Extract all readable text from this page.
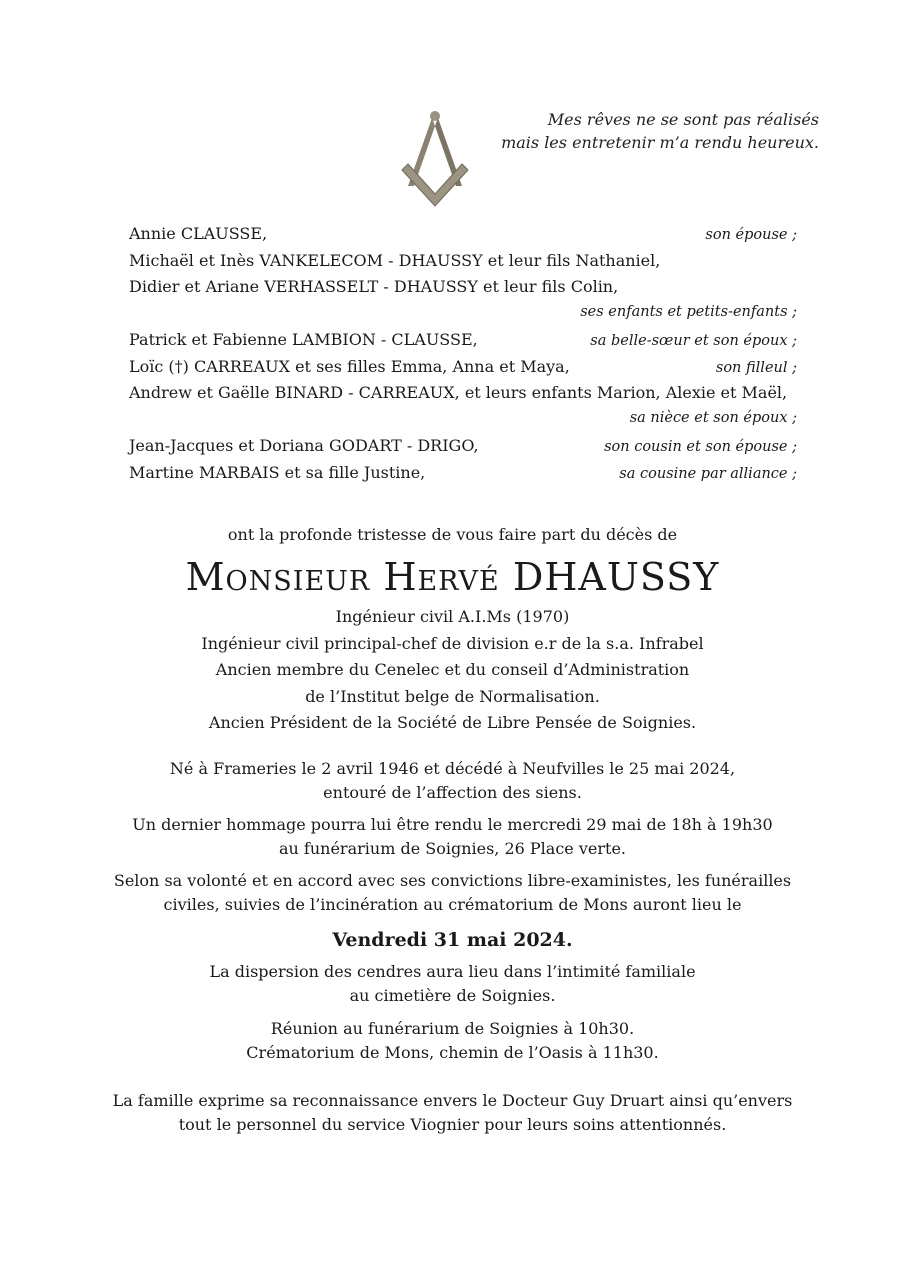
Mes rêves ne se sont pas réalisés
mais les entretenir m’a rendu heureux.
Annie CLAUSSE,	son épouse ;
Michaël et Inès VANKELECOM - DHAUSSY et leur fils Nathaniel,
Didier et Ariane VERHASSELT - DHAUSSY et leur fils Colin,
ses enfants et petits-enfants ;
Patrick et Fabienne LAMBION - CLAUSSE,	sa belle-sœur et son époux ;
Loïc (†) CARREAUX et ses filles Emma, Anna et Maya,	son filleul ;
Andrew et Gaëlle BINARD - CARREAUX, et leurs enfants Marion, Alexie et Maël,
sa nièce et son époux ;
Jean-Jacques et Doriana GODART - DRIGO,	son cousin et son épouse ;
Martine MARBAIS et sa fille Justine,	sa cousine par alliance ;
ont la profonde tristesse de vous faire part du décès de
Monsieur Hervé DHAUSSY
Ingénieur civil A.I.Ms (1970)
Ingénieur civil principal-chef de division e.r de la s.a. Infrabel
Ancien membre du Cenelec et du conseil d’Administration
de l’Institut belge de Normalisation.
Ancien Président de la Société de Libre Pensée de Soignies.
Né à Frameries le 2 avril 1946 et décédé à Neufvilles le 25 mai 2024,
entouré de l’affection des siens.
Un dernier hommage pourra lui être rendu le mercredi 29 mai de 18h à 19h30
au funérarium de Soignies, 26 Place verte.
Selon sa volonté et en accord avec ses convictions libre-exaministes, les funérailles
civiles, suivies de l’incinération au crématorium de Mons auront lieu le
Vendredi 31 mai 2024.
La dispersion des cendres aura lieu dans l’intimité familiale
au cimetière de Soignies.
Réunion au funérarium de Soignies à 10h30.
Crématorium de Mons, chemin de l’Oasis à 11h30.
La famille exprime sa reconnaissance envers le Docteur Guy Druart ainsi qu’envers
tout le personnel du service Viognier pour leurs soins attentionnés.
